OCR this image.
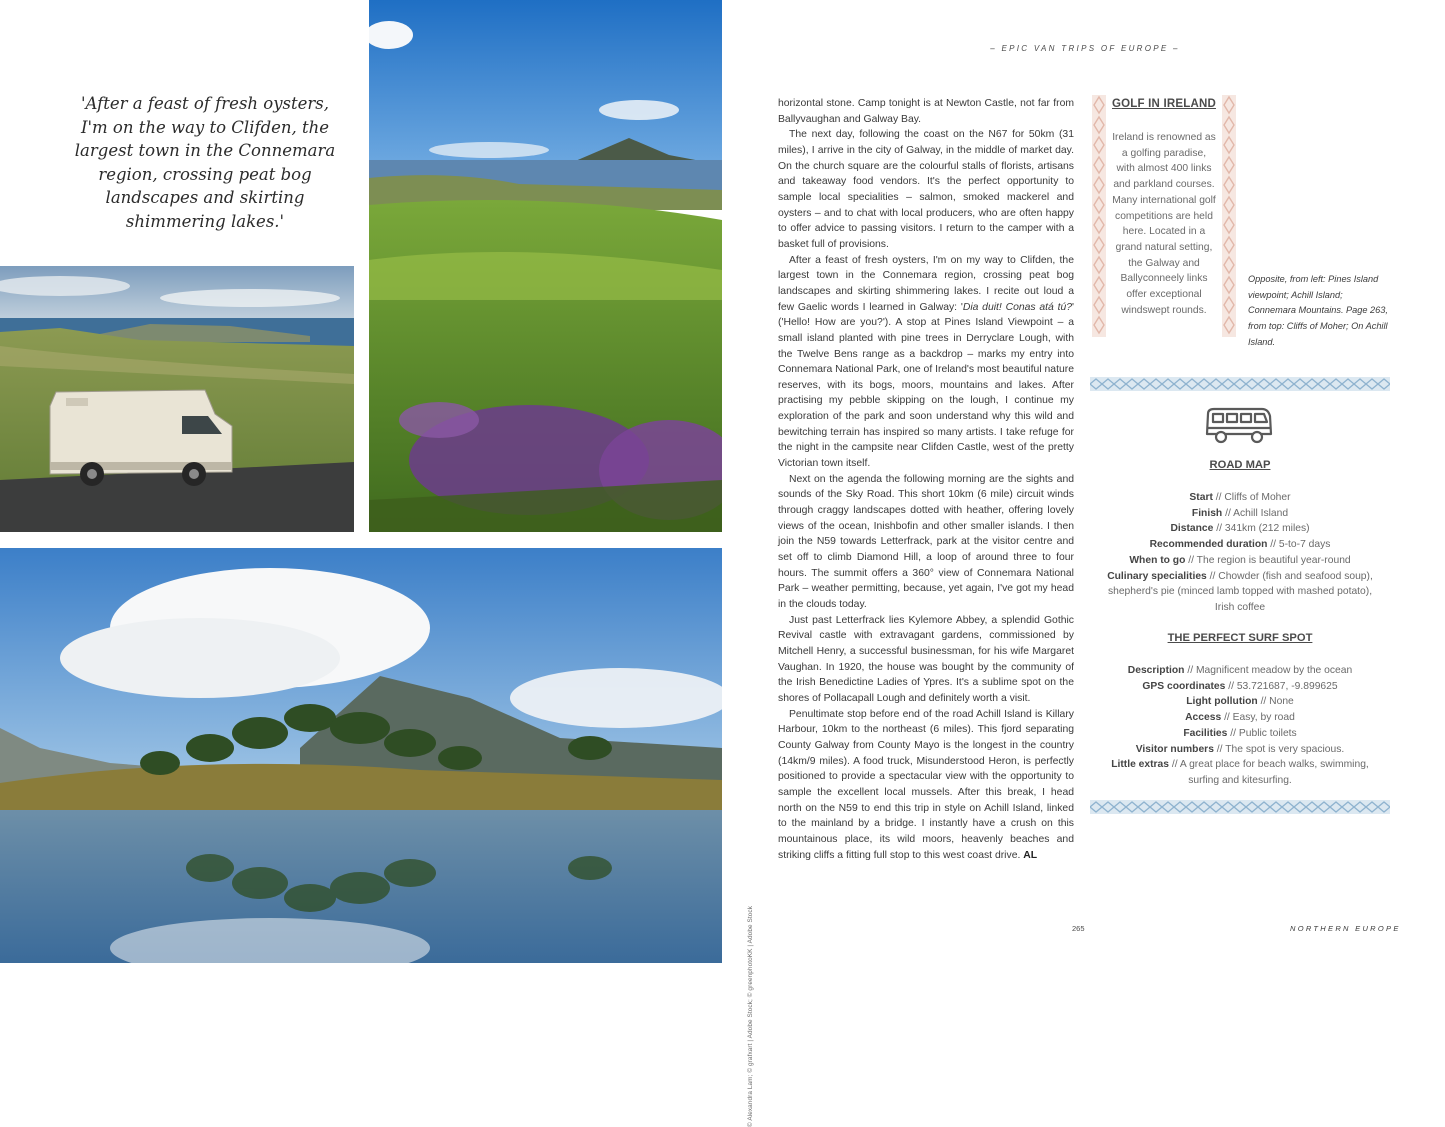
'After a feast of fresh oysters, I'm on the way to Clifden, the largest town in the Connemara region, crossing peat bog landscapes and skirting shimmering lakes.'
© Alexandra Lam; © grafxart | Adobe Stock; © greenphotoKK | Adobe Stock
– EPIC VAN TRIPS OF EUROPE –

horizontal stone. Camp tonight is at Newton Castle, not far from Ballyvaughan and Galway Bay.

The next day, following the coast on the N67 for 50km (31 miles), I arrive in the city of Galway, in the middle of market day. On the church square are the colourful stalls of florists, artisans and takeaway food vendors. It's the perfect opportunity to sample local specialities – salmon, smoked mackerel and oysters – and to chat with local producers, who are often happy to offer advice to passing visitors. I return to the camper with a basket full of provisions.

After a feast of fresh oysters, I'm on my way to Clifden, the largest town in the Connemara region, crossing peat bog landscapes and skirting shimmering lakes. I recite out loud a few Gaelic words I learned in Galway: 'Dia duit! Conas atá tú?' ('Hello! How are you?'). A stop at Pines Island Viewpoint – a small island planted with pine trees in Derryclare Lough, with the Twelve Bens range as a backdrop – marks my entry into Connemara National Park, one of Ireland's most beautiful nature reserves, with its bogs, moors, mountains and lakes. After practising my pebble skipping on the lough, I continue my exploration of the park and soon understand why this wild and bewitching terrain has inspired so many artists. I take refuge for the night in the campsite near Clifden Castle, west of the pretty Victorian town itself.

Next on the agenda the following morning are the sights and sounds of the Sky Road. This short 10km (6 mile) circuit winds through craggy landscapes dotted with heather, offering lovely views of the ocean, Inishbofin and other smaller islands. I then join the N59 towards Letterfrack, park at the visitor centre and set off to climb Diamond Hill, a loop of around three to four hours. The summit offers a 360° view of Connemara National Park – weather permitting, because, yet again, I've got my head in the clouds today.

Just past Letterfrack lies Kylemore Abbey, a splendid Gothic Revival castle with extravagant gardens, commissioned by Mitchell Henry, a successful businessman, for his wife Margaret Vaughan. In 1920, the house was bought by the community of the Irish Benedictine Ladies of Ypres. It's a sublime spot on the shores of Pollacapall Lough and definitely worth a visit.

Penultimate stop before end of the road Achill Island is Killary Harbour, 10km to the northeast (6 miles). This fjord separating County Galway from County Mayo is the longest in the country (14km/9 miles). A food truck, Misunderstood Heron, is perfectly positioned to provide a spectacular view with the opportunity to sample the excellent local mussels. After this break, I head north on the N59 to end this trip in style on Achill Island, linked to the mainland by a bridge. I instantly have a crush on this mountainous place, its wild moors, heavenly beaches and striking cliffs a fitting full stop to this west coast drive. AL

GOLF IN IRELAND
Ireland is renowned as a golfing paradise, with almost 400 links and parkland courses. Many international golf competitions are held here. Located in a grand natural setting, the Galway and Ballyconneely links offer exceptional windswept rounds.
Opposite, from left: Pines Island viewpoint; Achill Island; Connemara Mountains. Page 263, from top: Cliffs of Moher; On Achill Island.
ROAD MAP
Start // Cliffs of Moher
Finish // Achill Island
Distance // 341km (212 miles)
Recommended duration // 5-to-7 days
When to go // The region is beautiful year-round
Culinary specialities // Chowder (fish and seafood soup), shepherd's pie (minced lamb topped with mashed potato), Irish coffee
THE PERFECT SURF SPOT
Description // Magnificent meadow by the ocean
GPS coordinates // 53.721687, -9.899625
Light pollution // None
Access // Easy, by road
Facilities // Public toilets
Visitor numbers // The spot is very spacious.
Little extras // A great place for beach walks, swimming, surfing and kitesurfing.
265	NORTHERN EUROPE
